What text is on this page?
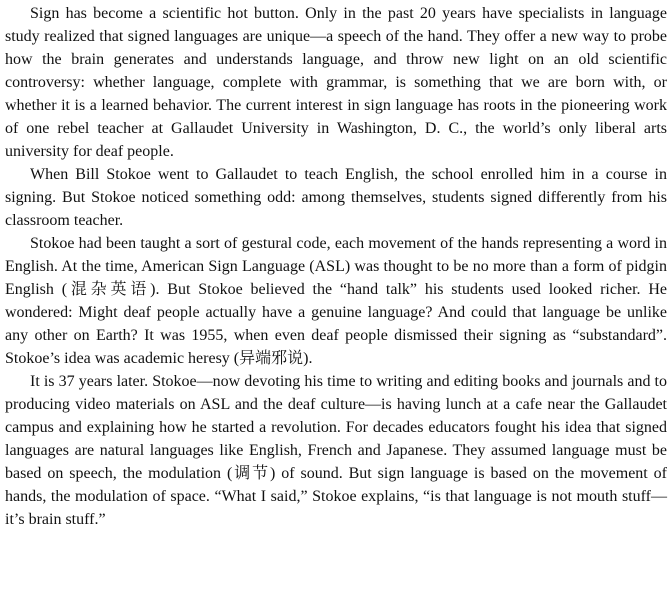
Sign has become a scientific hot button. Only in the past 20 years have specialists in language study realized that signed languages are unique—a speech of the hand. They offer a new way to probe how the brain generates and understands language, and throw new light on an old scientific controversy: whether language, complete with grammar, is something that we are born with, or whether it is a learned behavior. The current interest in sign language has roots in the pioneering work of one rebel teacher at Gallaudet University in Washington, D. C., the world’s only liberal arts university for deaf people.

When Bill Stokoe went to Gallaudet to teach English, the school enrolled him in a course in signing. But Stokoe noticed something odd: among themselves, students signed differently from his classroom teacher.

Stokoe had been taught a sort of gestural code, each movement of the hands representing a word in English. At the time, American Sign Language (ASL) was thought to be no more than a form of pidgin English (混杂英语). But Stokoe believed the “hand talk” his students used looked richer. He wondered: Might deaf people actually have a genuine language? And could that language be unlike any other on Earth? It was 1955, when even deaf people dismissed their signing as “substandard”. Stokoe’s idea was academic heresy (异端邪说).

It is 37 years later. Stokoe—now devoting his time to writing and editing books and journals and to producing video materials on ASL and the deaf culture—is having lunch at a cafe near the Gallaudet campus and explaining how he started a revolution. For decades educators fought his idea that signed languages are natural languages like English, French and Japanese. They assumed language must be based on speech, the modulation (调节) of sound. But sign language is based on the movement of hands, the modulation of space. “What I said,” Stokoe explains, “is that language is not mouth stuff—it’s brain stuff.”
